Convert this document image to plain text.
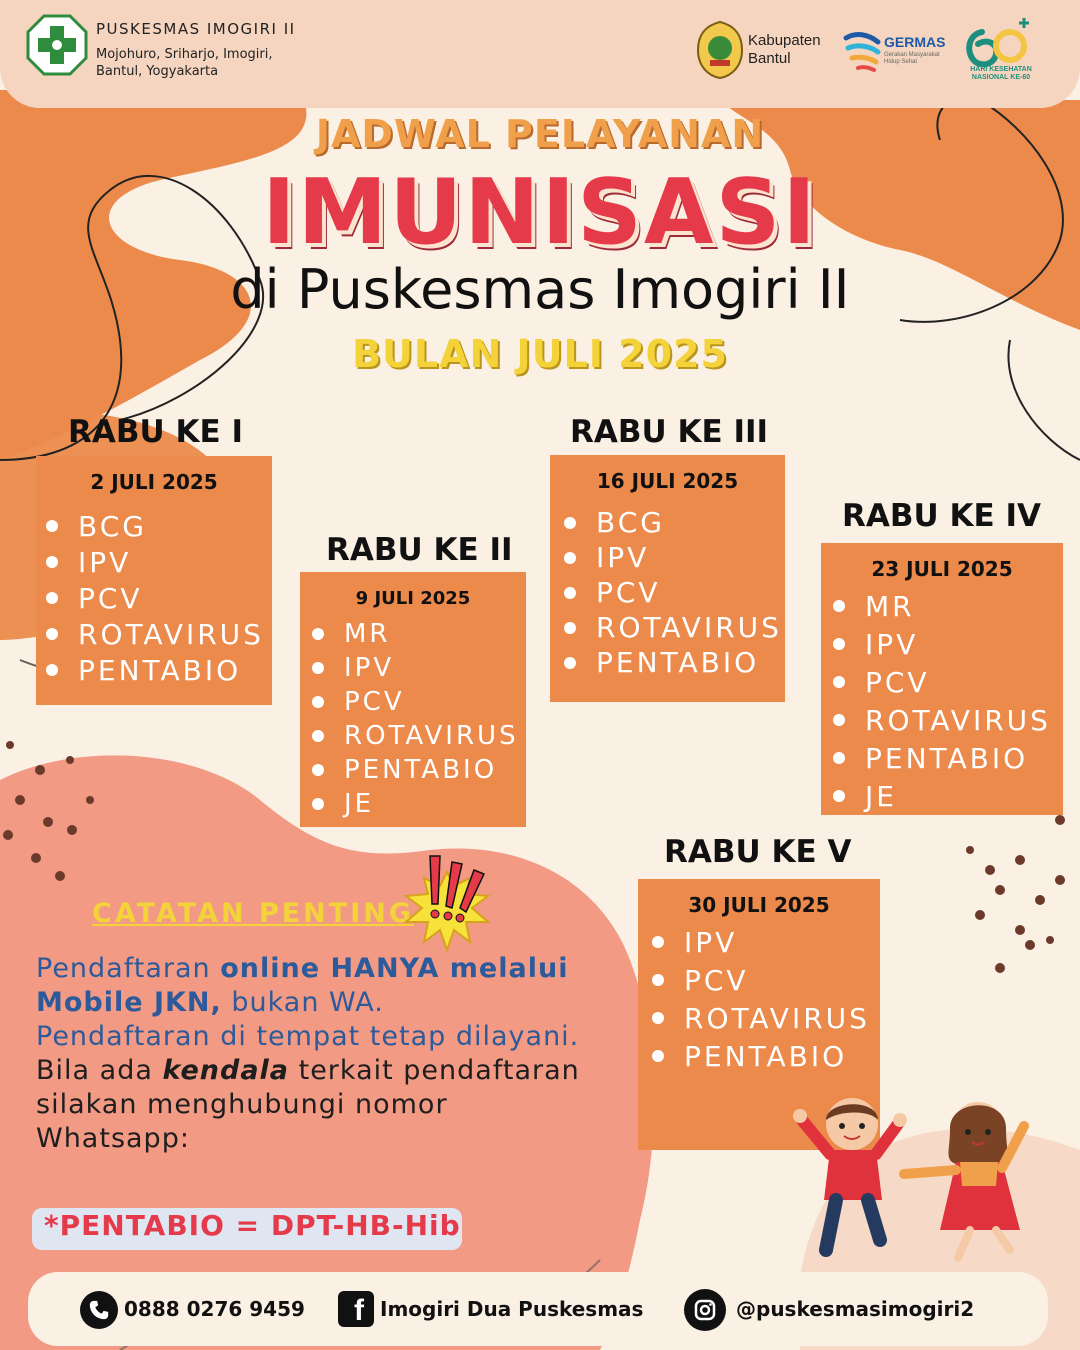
PUSKESMAS IMOGIRI II
Mojohuro, Sriharjo, Imogiri,
Bantul, Yogyakarta
Kabupaten
Bantul
GERMAS
Gerakan Masyarakat Hidup Sehat
HARI KESEHATAN NASIONAL KE-60
JADWAL PELAYANAN
IMUNISASI
di Puskesmas Imogiri II
BULAN JULI 2025
RABU KE I
2 JULI 2025
BCG
IPV
PCV
ROTAVIRUS
PENTABIO
RABU KE II
9 JULI 2025
MR
IPV
PCV
ROTAVIRUS
PENTABIO
JE
RABU KE III
16 JULI 2025
BCG
IPV
PCV
ROTAVIRUS
PENTABIO
RABU KE IV
23 JULI 2025
MR
IPV
PCV
ROTAVIRUS
PENTABIO
JE
RABU KE V
30 JULI 2025
IPV
PCV
ROTAVIRUS
PENTABIO
CATATAN PENTING
Pendaftaran online HANYA melalui Mobile JKN, bukan WA.
Pendaftaran di tempat tetap dilayani.
Bila ada kendala terkait pendaftaran silakan menghubungi nomor Whatsapp:
*PENTABIO = DPT-HB-Hib
0888 0276 9459 f Imogiri Dua Puskesmas	@puskesmasimogiri2
